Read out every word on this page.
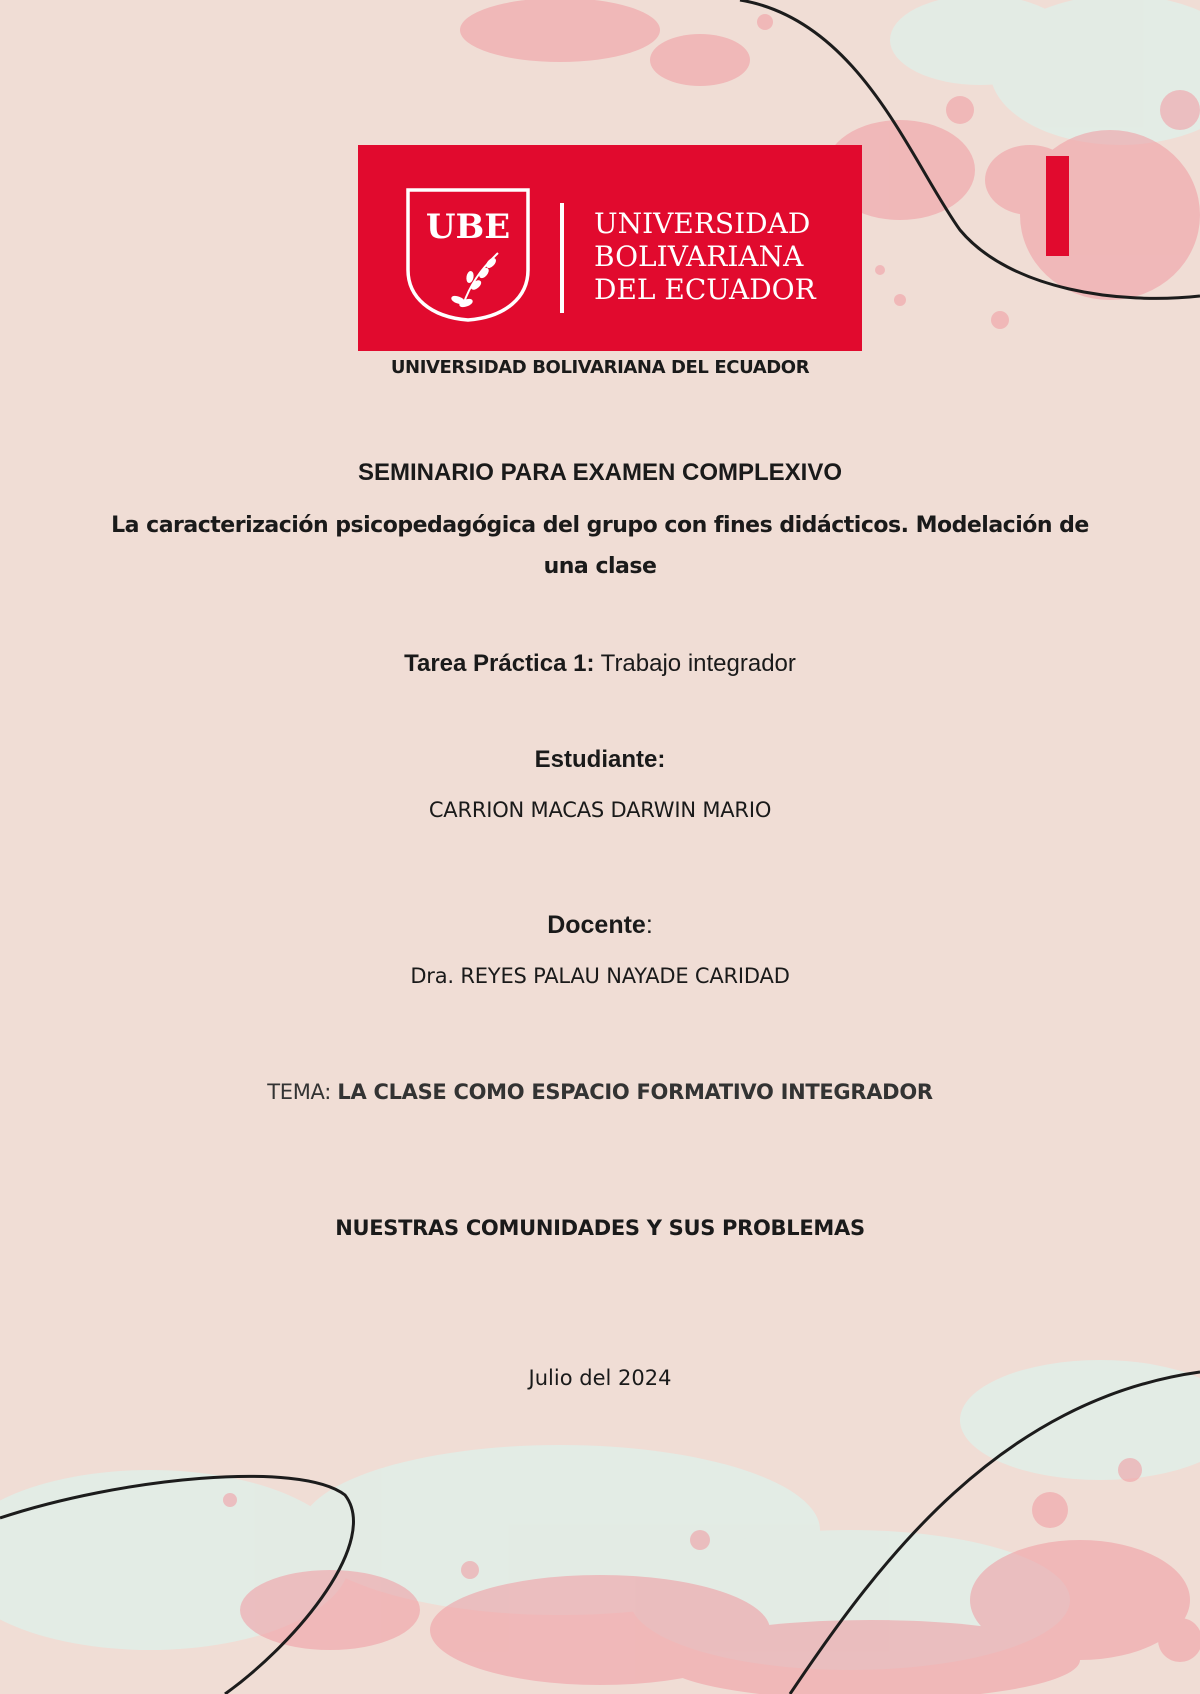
UBE	UNIVERSIDAD
BOLIVARIANA
DEL ECUADOR
UNIVERSIDAD BOLIVARIANA DEL ECUADOR
SEMINARIO PARA EXAMEN COMPLEXIVO
La caracterización psicopedagógica del grupo con fines didácticos. Modelación de una clase
Tarea Práctica 1: Trabajo integrador
Estudiante:
CARRION MACAS DARWIN MARIO
Docente:
Dra. REYES PALAU NAYADE CARIDAD
TEMA: LA CLASE COMO ESPACIO FORMATIVO INTEGRADOR
NUESTRAS COMUNIDADES Y SUS PROBLEMAS
Julio del 2024
